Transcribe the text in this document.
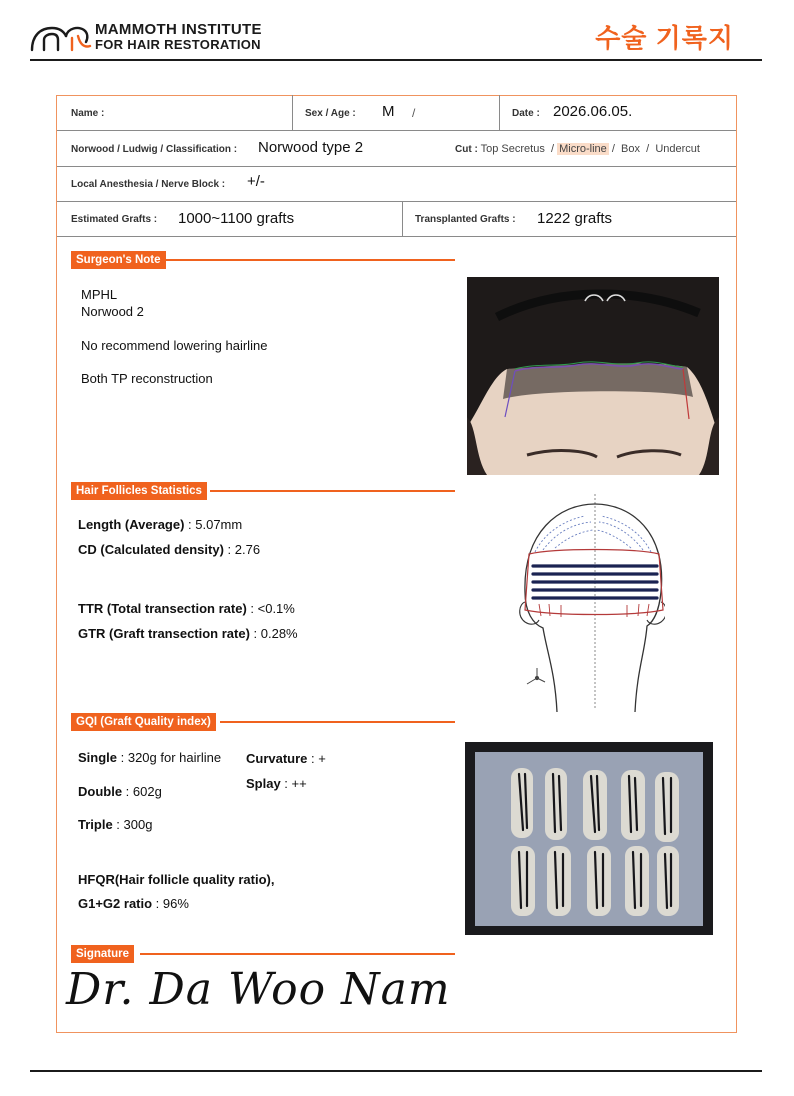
MAMMOTH INSTITUTE
FOR HAIR RESTORATION	수술 기록지
Name :	Sex / Age : M /	Date : 2026.06.05.
Norwood / Ludwig / Classification : Norwood type 2	Cut : Top Secretus / Micro-line / Box / Undercut
Local Anesthesia / Nerve Block : +/-
Estimated Grafts : 1000~1100 grafts	Transplanted Grafts : 1222 grafts
Surgeon's Note
MPHL
Norwood 2
No recommend lowering hairline
Both TP reconstruction
Hair Follicles Statistics
Length (Average) : 5.07mm
CD (Calculated density) : 2.76
TTR (Total transection rate) : <0.1%
GTR (Graft transection rate) : 0.28%
GQI (Graft Quality index)
Single : 320g for hairline
Double : 602g
Triple : 300g
Curvature : +
Splay : ++
HFQR(Hair follicle quality ratio),
G1+G2 ratio : 96%
Signature
Dr. Da Woo Nam
